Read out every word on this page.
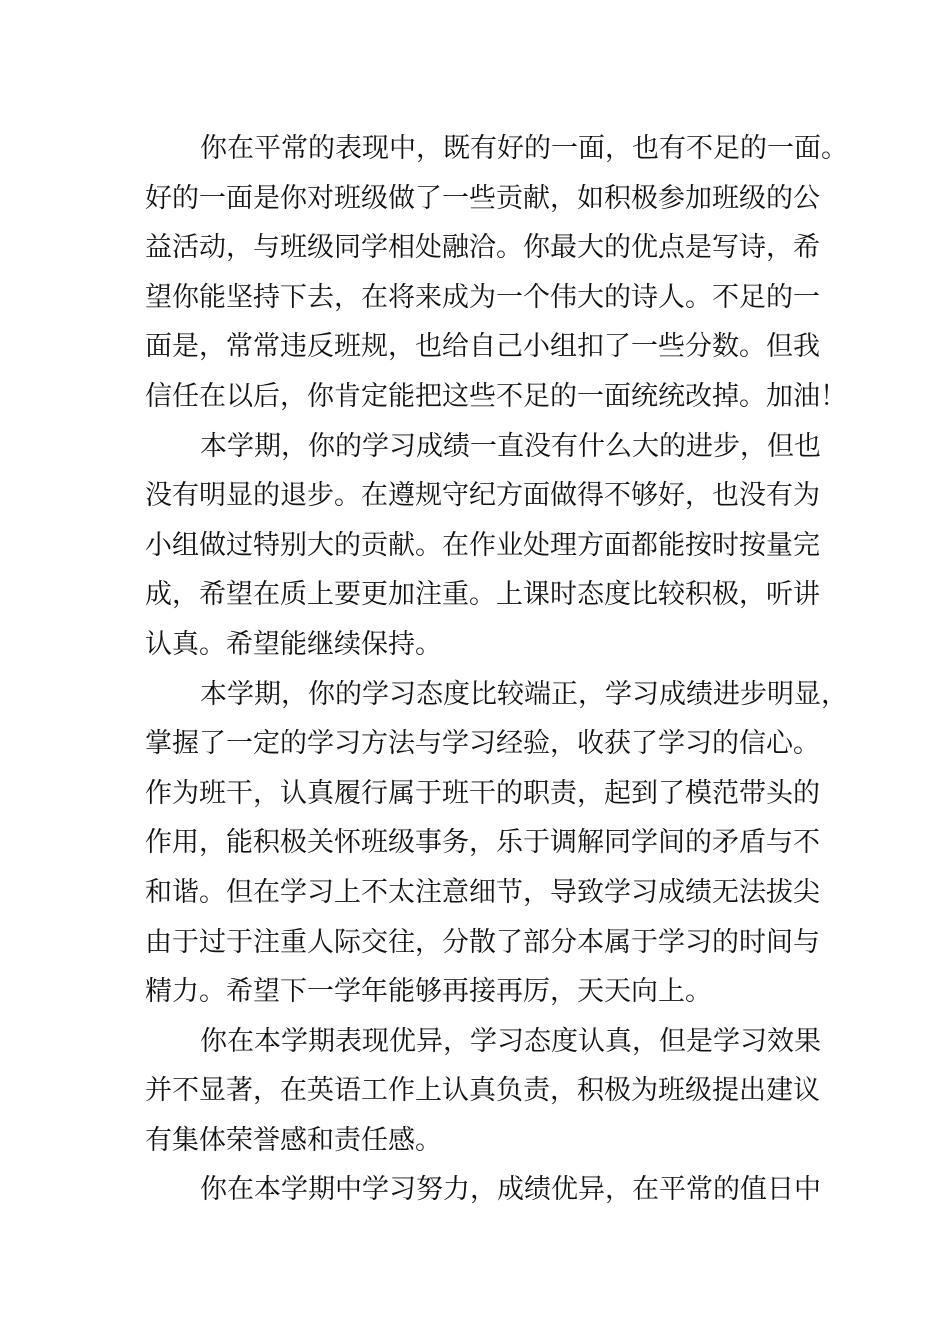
你在平常的表现中，既有好的一面，也有不足的一面。
好的一面是你对班级做了一些贡献，如积极参加班级的公
益活动，与班级同学相处融洽。你最大的优点是写诗，希
望你能坚持下去，在将来成为一个伟大的诗人。不足的一
面是，常常违反班规，也给自己小组扣了一些分数。但我
信任在以后，你肯定能把这些不足的一面统统改掉。加油！
本学期，你的学习成绩一直没有什么大的进步，但也
没有明显的退步。在遵规守纪方面做得不够好，也没有为
小组做过特别大的贡献。在作业处理方面都能按时按量完
成，希望在质上要更加注重。上课时态度比较积极，听讲
认真。希望能继续保持。
本学期，你的学习态度比较端正，学习成绩进步明显，
掌握了一定的学习方法与学习经验，收获了学习的信心。
作为班干，认真履行属于班干的职责，起到了模范带头的
作用，能积极关怀班级事务，乐于调解同学间的矛盾与不
和谐。但在学习上不太注意细节，导致学习成绩无法拔尖
由于过于注重人际交往，分散了部分本属于学习的时间与
精力。希望下一学年能够再接再厉，天天向上。
你在本学期表现优异，学习态度认真，但是学习效果
并不显著，在英语工作上认真负责，积极为班级提出建议
有集体荣誉感和责任感。
你在本学期中学习努力，成绩优异，在平常的值日中
